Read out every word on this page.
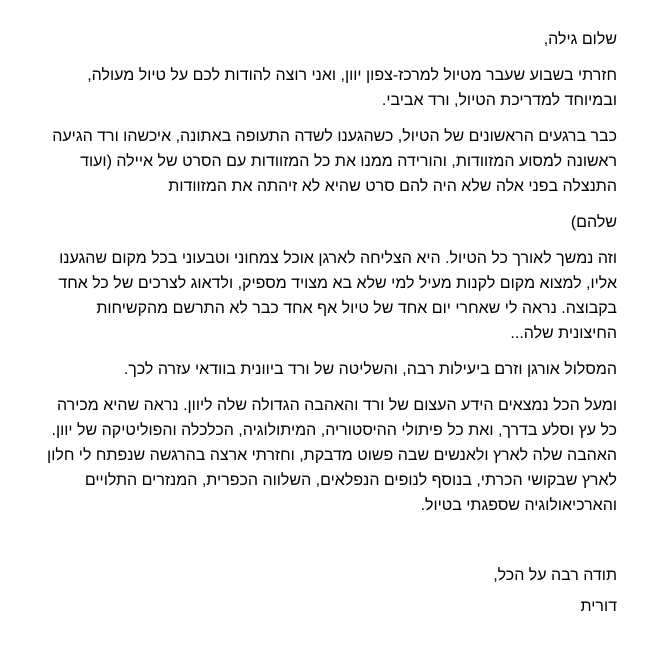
שלום גילה,

חזרתי בשבוע שעבר מטיול למרכז-צפון יוון, ואני רוצה להודות לכם על טיול מעולה, ובמיוחד למדריכת הטיול, ורד אביבי.

כבר ברגעים הראשונים של הטיול, כשהגענו לשדה התעופה באתונה, איכשהו ורד הגיעה ראשונה למסוע המזוודות, והורידה ממנו את כל המזוודות עם הסרט של איילה (ועוד התנצלה בפני אלה שלא היה להם סרט שהיא לא זיהתה את המזוודות

שלהם)

וזה נמשך לאורך כל הטיול. היא הצליחה לארגן אוכל צמחוני וטבעוני בכל מקום שהגענו אליו, למצוא מקום לקנות מעיל למי שלא בא מצויד מספיק, ולדאוג לצרכים של כל אחד בקבוצה. נראה לי שאחרי יום אחד של טיול אף אחד כבר לא התרשם מהקשיחות החיצונית שלה...

המסלול אורגן וזרם ביעילות רבה, והשליטה של ורד ביוונית בוודאי עזרה לכך.

ומעל הכל נמצאים הידע העצום של ורד והאהבה הגדולה שלה ליוון. נראה שהיא מכירה כל עץ וסלע בדרך, ואת כל פיתולי ההיסטוריה, המיתולוגיה, הכלכלה והפוליטיקה של יוון. האהבה שלה לארץ ולאנשים שבה פשוט מדבקת, וחזרתי ארצה בהרגשה שנפתח לי חלון לארץ שבקושי הכרתי, בנוסף לנופים הנפלאים, השלווה הכפרית, המנזרים התלויים והארכיאולוגיה שספגתי בטיול.

תודה רבה על הכל,

דורית
